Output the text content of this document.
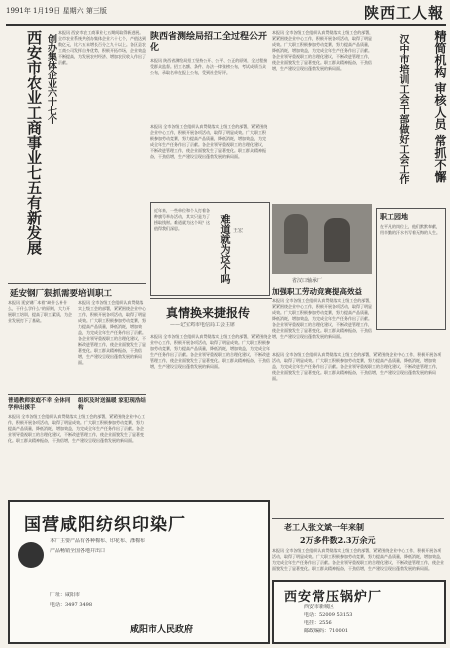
1991年 1月19日 星期六 第三版	陕西工人報
西安市农业工商事业七五有新发展 创办集体企业六十七个
本报讯 西安市农工商事业七五期间取得新进展。全市农业系统共创办集体企业六十七个，产值达到数亿元，比六五末增长百分之九十以上。各区县农工商公司发挥自身优势，积极开拓市场，企业效益不断提高，为发展农村经济、增加农民收入作出了贡献。
陕西省测绘局招工全过程公开化
本报讯 陕西省测绘局招工坚持公开、公平、公正的原则，全过程接受群众监督。招工名额、条件、办法一律张榜公布，考试成绩当众公布，录取名单在报上公布，受到社会好评。
本报讯 全市各级工会组织认真贯彻落实上级工会的部署，紧紧围绕企业中心工作，积极开展各项活动，取得了明显成效。广大职工积极参加劳动竞赛，努力提高产品质量，降低消耗，增加效益，为完成全年生产任务作出了贡献。各企业领导重视职工的合理化建议，不断改进管理工作，使企业面貌发生了显著变化。职工群众精神振奋，干劲倍增，生产建设呈现出蓬勃发展的新局面。	精简机构 审核人员 常抓不懈
汉中市培训工会干部做好工会工作
本报讯 全市各级工会组织认真贯彻落实上级工会的部署，紧紧围绕企业中心工作，积极开展各项活动，取得了明显成效。广大职工积极参加劳动竞赛，努力提高产品质量，降低消耗，增加效益，为完成全年生产任务作出了贡献。各企业领导重视职工的合理化建议，不断改进管理工作，使企业面貌发生了显著变化。职工群众精神振奋，干劲倍增，生产建设呈现出蓬勃发展的新局面。
职工园地
在平凡的岗位上，他们默默奉献，用辛勤的汗水书写着无悔的人生。
难道就为这个吗 王宏
近年来，一些单位和个人打着各种旗号举办活动，其实只是为了捞取钱财。难道就为这个吗？这值得我们深思。
省汉口轴承厂
加强职工劳动竞赛提高效益
本报讯 全市各级工会组织认真贯彻落实上级工会的部署，紧紧围绕企业中心工作，积极开展各项活动，取得了明显成效。广大职工积极参加劳动竞赛，努力提高产品质量，降低消耗，增加效益，为完成全年生产任务作出了贡献。各企业领导重视职工的合理化建议，不断改进管理工作，使企业面貌发生了显著变化。职工群众精神振奋，干劲倍增，生产建设呈现出蓬勃发展的新局面。
延安钢厂狠抓需要培训职工
本报讯 延安钢厂本着“缺什么补什么，干什么学什么”的原则，大力开展职工培训，提高了职工素质，为企业发展打下了基础。
本报讯 全市各级工会组织认真贯彻落实上级工会的部署，紧紧围绕企业中心工作，积极开展各项活动，取得了明显成效。广大职工积极参加劳动竞赛，努力提高产品质量，降低消耗，增加效益，为完成全年生产任务作出了贡献。各企业领导重视职工的合理化建议，不断改进管理工作，使企业面貌发生了显著变化。职工群众精神振奋，干劲倍增，生产建设呈现出蓬勃发展的新局面。
真情换来捷报传
——记宝鸡市电信局工会主席
本报讯 全市各级工会组织认真贯彻落实上级工会的部署，紧紧围绕企业中心工作，积极开展各项活动，取得了明显成效。广大职工积极参加劳动竞赛，努力提高产品质量，降低消耗，增加效益，为完成全年生产任务作出了贡献。各企业领导重视职工的合理化建议，不断改进管理工作，使企业面貌发生了显著变化。职工群众精神振奋，干劲倍增，生产建设呈现出蓬勃发展的新局面。
本报讯 全市各级工会组织认真贯彻落实上级工会的部署，紧紧围绕企业中心工作，积极开展各项活动，取得了明显成效。广大职工积极参加劳动竞赛，努力提高产品质量，降低消耗，增加效益，为完成全年生产任务作出了贡献。各企业领导重视职工的合理化建议，不断改进管理工作，使企业面貌发生了显著变化。职工群众精神振奋，干劲倍增，生产建设呈现出蓬勃发展的新局面。
普通教师家庭不幸 全体同学伸出援手
组织及时送温暖 家犯现浩结构
本报讯 全市各级工会组织认真贯彻落实上级工会的部署，紧紧围绕企业中心工作，积极开展各项活动，取得了明显成效。广大职工积极参加劳动竞赛，努力提高产品质量，降低消耗，增加效益，为完成全年生产任务作出了贡献。各企业领导重视职工的合理化建议，不断改进管理工作，使企业面貌发生了显著变化。职工群众精神振奋，干劲倍增，生产建设呈现出蓬勃发展的新局面。
国营咸阳纺织印染厂
本厂主要产品有各种棉布、印花布、涤棉布
产品畅销全国各地并出口
厂址：咸阳市
电话：3497 3498
咸阳市人民政府
老工人张文斌一年来制
2万多件数2.3万余元
本报讯 全市各级工会组织认真贯彻落实上级工会的部署，紧紧围绕企业中心工作，积极开展各项活动，取得了明显成效。广大职工积极参加劳动竞赛，努力提高产品质量，降低消耗，增加效益，为完成全年生产任务作出了贡献。各企业领导重视职工的合理化建议，不断改进管理工作，使企业面貌发生了显著变化。职工群众精神振奋，干劲倍增，生产建设呈现出蓬勃发展的新局面。
西安常压锅炉厂
西安市新城区
电话：52009 53153
电挂：2556
邮政编码：710001
